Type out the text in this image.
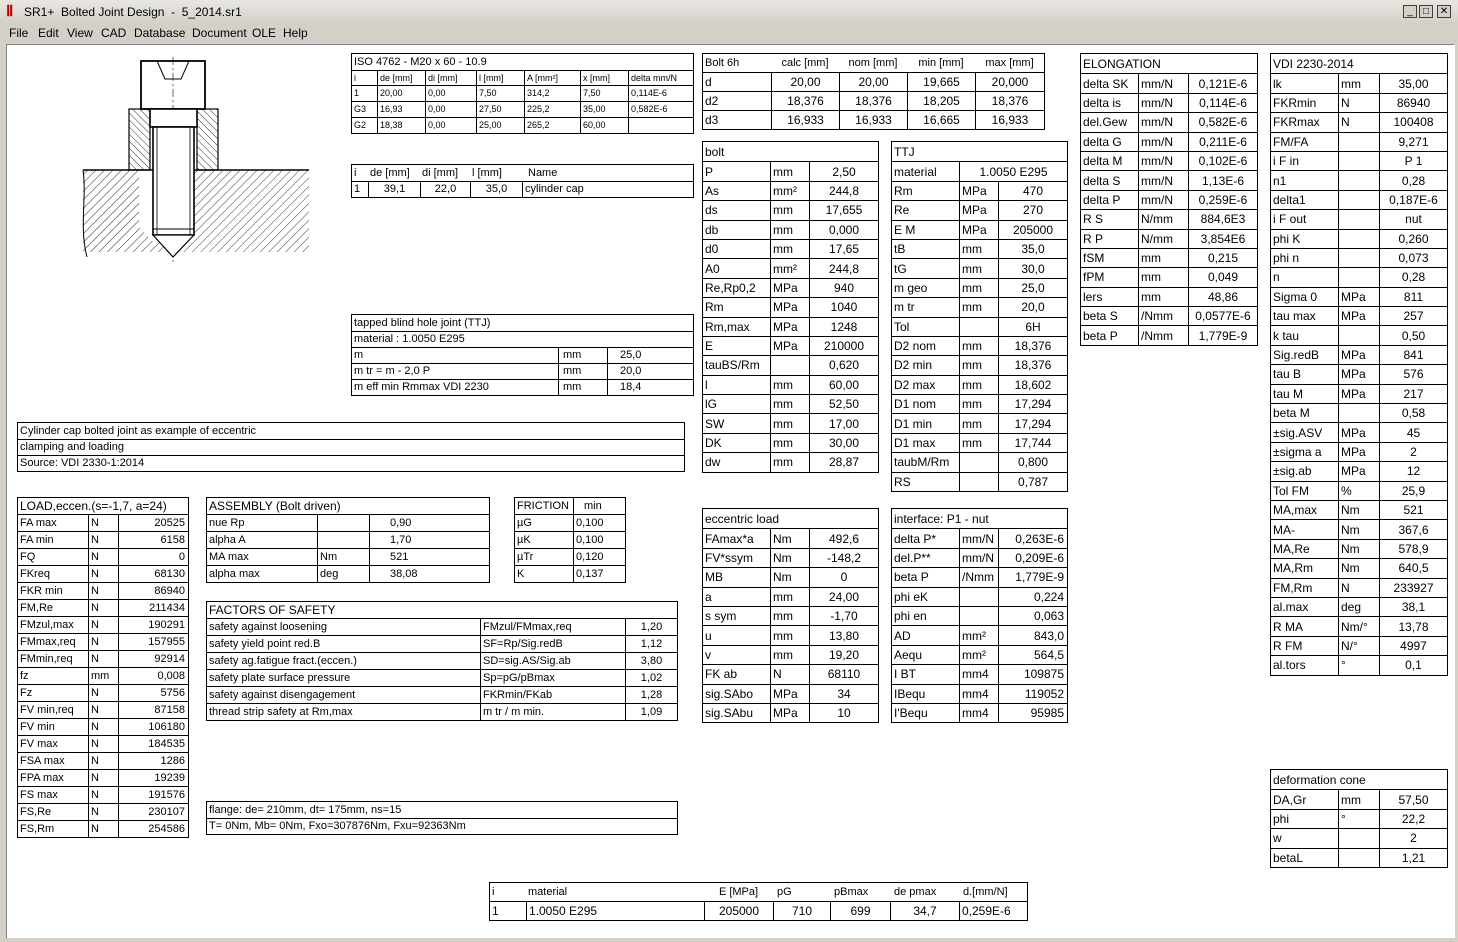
Ⅱ SR1+  Bolted Joint Design  -  5_2014.sr1	_	□	✕
File Edit View CAD Database Document OLE Help
ISO 4762 - M20 x 60 - 10.9
i	de [mm]	di [mm]	l [mm]	A [mm²]	x [mm]	delta mm/N
1	20,00	0,00	7,50	314,2	7,50	0,114E-6
G3	16,93	0,00	27,50	225,2	35,00	0,582E-6
G2	18,38	0,00	25,00	265,2	60,00
i	de [mm]	di [mm]	l [mm]	Name
1	39,1	22,0	35,0	cylinder cap
tapped blind hole joint (TTJ)
material : 1.0050 E295
m	mm	25,0
m tr = m - 2,0 P	mm	20,0
m eff min Rmmax VDI 2230	mm	18,4
Cylinder cap bolted joint as example of eccentric
clamping and loading
Source: VDI 2330-1:2014
Bolt 6h	calc [mm]	nom [mm]	min [mm]	max [mm]
d	20,00	20,00	19,665	20,000
d2	18,376	18,376	18,205	18,376
d3	16,933	16,933	16,665	16,933
bolt
P	mm	2,50
As	mm²	244,8
ds	mm	17,655
db	mm	0,000
d0	mm	17,65
A0	mm²	244,8
Re,Rp0,2	MPa	940
Rm	MPa	1040
Rm,max	MPa	1248
E	MPa	210000
tauBS/Rm	0,620
l	mm	60,00
lG	mm	52,50
SW	mm	17,00
DK	mm	30,00
dw	mm	28,87
TTJ
material	1.0050 E295
Rm	MPa	470
Re	MPa	270
E M	MPa	205000
tB	mm	35,0
tG	mm	30,0
m geo	mm	25,0
m tr	mm	20,0
Tol	6H
D2 nom	mm	18,376
D2 min	mm	18,376
D2 max	mm	18,602
D1 nom	mm	17,294
D1 min	mm	17,294
D1 max	mm	17,744
taubM/Rm	0,800
RS	0,787
ELONGATION
delta SK	mm/N	0,121E-6
delta is	mm/N	0,114E-6
del.Gew	mm/N	0,582E-6
delta G	mm/N	0,211E-6
delta M	mm/N	0,102E-6
delta S	mm/N	1,13E-6
delta P	mm/N	0,259E-6
R S	N/mm	884,6E3
R P	N/mm	3,854E6
fSM	mm	0,215
fPM	mm	0,049
lers	mm	48,86
beta S	/Nmm	0,0577E-6
beta P	/Nmm	1,779E-9
VDI 2230-2014
lk	mm	35,00
FKRmin	N	86940
FKRmax	N	100408
FM/FA	9,271
i F in	P 1
n1	0,28
delta1	0,187E-6
i F out	nut
phi K	0,260
phi n	0,073
n	0,28
Sigma 0	MPa	811
tau max	MPa	257
k tau	0,50
Sig.redB	MPa	841
tau B	MPa	576
tau M	MPa	217
beta M	0,58
±sig.ASV	MPa	45
±sigma a	MPa	2
±sig.ab	MPa	12
Tol FM	%	25,9
MA,max	Nm	521
MA-	Nm	367,6
MA,Re	Nm	578,9
MA,Rm	Nm	640,5
FM,Rm	N	233927
al.max	deg	38,1
R MA	Nm/°	13,78
R FM	N/°	4997
al.tors	°	0,1
deformation cone
DA,Gr	mm	57,50
phi	°	22,2
w	2
betaL	1,21
LOAD,eccen.(s=-1,7, a=24)
FA max	N	20525
FA min	N	6158
FQ	N	0
FKreq	N	68130
FKR min	N	86940
FM,Re	N	211434
FMzul,max	N	190291
FMmax,req	N	157955
FMmin,req	N	92914
fz	mm	0,008
Fz	N	5756
FV min,req	N	87158
FV min	N	106180
FV max	N	184535
FSA max	N	1286
FPA max	N	19239
FS max	N	191576
FS,Re	N	230107
FS,Rm	N	254586
ASSEMBLY (Bolt driven)
nue Rp	0,90
alpha A	1,70
MA max	Nm	521
alpha max	deg	38,08
FRICTION	min
µG	0,100
µK	0,100
µTr	0,120
K	0,137
FACTORS OF SAFETY
safety against loosening	FMzul/FMmax,req	1,20
safety yield point red.B	SF=Rp/Sig.redB	1,12
safety ag.fatigue fract.(eccen.)	SD=sig.AS/Sig.ab	3,80
safety plate surface pressure	Sp=pG/pBmax	1,02
safety against disengagement	FKRmin/FKab	1,28
thread strip safety at Rm,max	m tr / m min.	1,09
flange: de= 210mm, dt= 175mm, ns=15
T= 0Nm, Mb= 0Nm, Fxo=307876Nm, Fxu=92363Nm
eccentric load
FAmax*a	Nm	492,6
FV*ssym	Nm	-148,2
MB	Nm	0
a	mm	24,00
s sym	mm	-1,70
u	mm	13,80
v	mm	19,20
FK ab	N	68110
sig.SAbo	MPa	34
sig.SAbu	MPa	10
interface: P1 - nut
delta P*	mm/N	0,263E-6
del.P**	mm/N	0,209E-6
beta P	/Nmm	1,779E-9
phi eK	0,224
phi en	0,063
AD	mm²	843,0
Aequ	mm²	564,5
I BT	mm4	109875
IBequ	mm4	119052
I'Bequ	mm4	95985
i	material	E [MPa]	pG	pBmax	de pmax	d.[mm/N]
1	1.0050 E295	205000	710	699	34,7	0,259E-6
